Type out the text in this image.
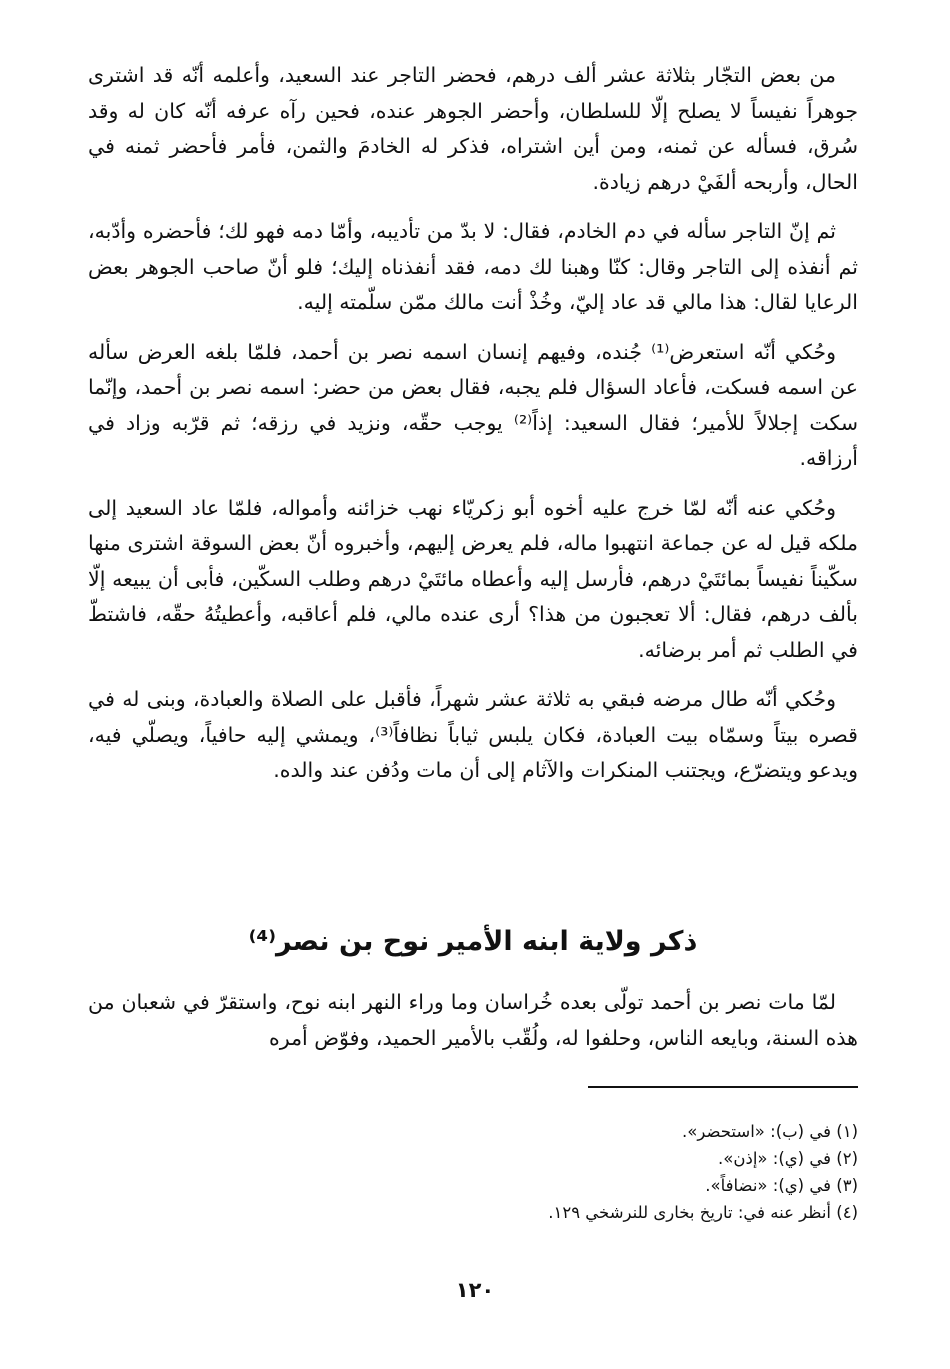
من بعض التجّار بثلاثة عشر ألف درهم، فحضر التاجر عند السعيد، وأعلمه أنّه قد اشترى جوهراً نفيساً لا يصلح إلّا للسلطان، وأحضر الجوهر عنده، فحين رآه عرفه أنّه كان له وقد سُرق، فسأله عن ثمنه، ومن أين اشتراه، فذكر له الخادمَ والثمن، فأمر فأحضر ثمنه في الحال، وأربحه ألفَيْ درهم زيادة.

ثم إنّ التاجر سأله في دم الخادم، فقال: لا بدّ من تأديبه، وأمّا دمه فهو لك؛ فأحضره وأدّبه، ثم أنفذه إلى التاجر وقال: كنّا وهبنا لك دمه، فقد أنفذناه إليك؛ فلو أنّ صاحب الجوهر بعض الرعايا لقال: هذا مالي قد عاد إليّ، وخُذْ أنت مالك ممّن سلّمته إليه.

وحُكي أنّه استعرض⁽¹⁾ جُنده، وفيهم إنسان اسمه نصر بن أحمد، فلمّا بلغه العرض سأله عن اسمه فسكت، فأعاد السؤال فلم يجبه، فقال بعض من حضر: اسمه نصر بن أحمد، وإنّما سكت إجلالاً للأمير؛ فقال السعيد: إذاً⁽²⁾ يوجب حقّه، ونزيد في رزقه؛ ثم قرّبه وزاد في أرزاقه.

وحُكي عنه أنّه لمّا خرج عليه أخوه أبو زكريّاء نهب خزائنه وأمواله، فلمّا عاد السعيد إلى ملكه قيل له عن جماعة انتهبوا ماله، فلم يعرض إليهم، وأخبروه أنّ بعض السوقة اشترى منها سكّيناً نفيساً بمائتَيْ درهم، فأرسل إليه وأعطاه مائتَيْ درهم وطلب السكّين، فأبى أن يبيعه إلّا بألف درهم، فقال: ألا تعجبون من هذا؟ أرى عنده مالي، فلم أعاقبه، وأعطيتُهُ حقّه، فاشتطّ في الطلب ثم أمر برضائه.

وحُكي أنّه طال مرضه فبقي به ثلاثة عشر شهراً، فأقبل على الصلاة والعبادة، وبنى له في قصره بيتاً وسمّاه بيت العبادة، فكان يلبس ثياباً نظافاً⁽³⁾، ويمشي إليه حافياً، ويصلّي فيه، ويدعو ويتضرّع، ويجتنب المنكرات والآثام إلى أن مات ودُفن عند والده.

ذكر ولاية ابنه الأمير نوح بن نصر⁽⁴⁾

لمّا مات نصر بن أحمد تولّى بعده خُراسان وما وراء النهر ابنه نوح، واستقرّ في شعبان من هذه السنة، وبايعه الناس، وحلفوا له، ولُقّب بالأمير الحميد، وفوّض أمره

(١) في (ب): «استحضر».
(٢) في (ي): «إذن».
(٣) في (ي): «نضافاً».
(٤) أنظر عنه في: تاريخ بخارى للنرشخي ١٢٩.
١٢٠
